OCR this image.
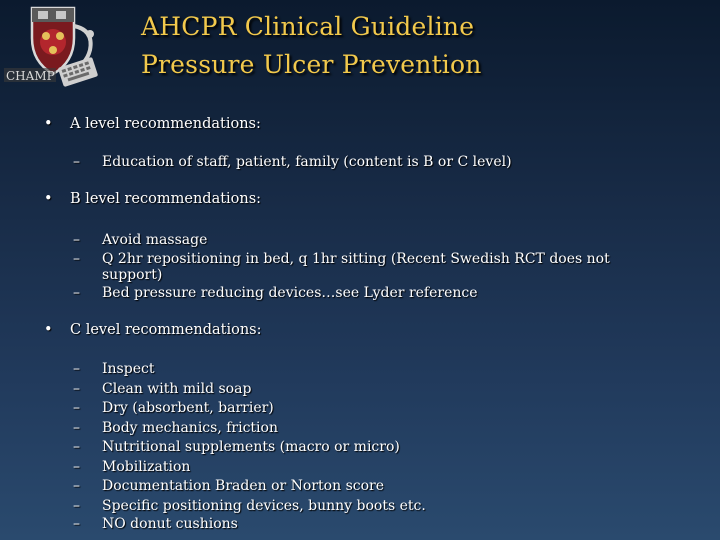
CHAMP
AHCPR Clinical Guideline
Pressure Ulcer Prevention
• A level recommendations:
– Education of staff, patient, family (content is B or C level)
• B level recommendations:
– Avoid massage
– Q 2hr repositioning in bed, q 1hr sitting (Recent Swedish RCT does not support)
– Bed pressure reducing devices…see Lyder reference
• C level recommendations:
– Inspect
– Clean with mild soap
– Dry (absorbent, barrier)
– Body mechanics, friction
– Nutritional supplements (macro or micro)
– Mobilization
– Documentation Braden or Norton score
– Specific positioning devices, bunny boots etc.
– NO donut cushions
